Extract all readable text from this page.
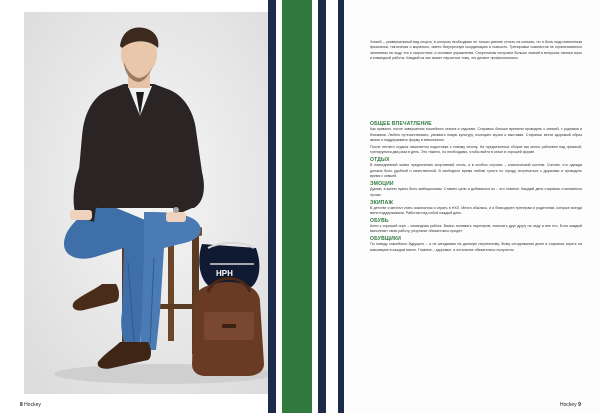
HPH
8 Hockey

Хоккей – универсальный вид спорта, в котором необходимо не только умение стоять на коньках, но и быть подготовленным физически, тактически и морально, иметь безупречную координацию и ловкость. Тренировки хоккеистов не ограничиваются занятиями на льду, это и скоростные, и силовые упражнения. Спортсмены получают больше знаний в вопросах тактики игры и командной работы. Каждый из нас может научиться тому, что делают профессионалы.

ОБЩЕЕ ВПЕЧАТЛЕНИЕ

Как правило, после завершения хоккейного сезона я отдыхаю. Стараюсь больше времени проводить с семьей, с родными и близкими. Люблю путешествовать, узнавать новую культуру, посещать музеи и выставки. Стараюсь вести здоровый образ жизни и поддерживать форму в межсезонье.

После летнего отдыха начинается подготовка к новому сезону. На предсезонных сборах мы много работаем над физикой, тренируемся два раза в день. Это тяжело, но необходимо, чтобы войти в сезон в хорошей форме.

ОТДЫХ

В повседневной жизни предпочитаю спортивный стиль, а в особых случаях – классический костюм. Считаю, что одежда должна быть удобной и качественной. В свободное время люблю гулять по городу, встречаться с друзьями и проводить время с семьей.

ЭМОЦИИ

Думаю, в жизни нужно быть амбициозным. Ставить цели и добиваться их – это главное. Каждый день стараюсь становиться лучше.

ЭКИПАЖ

В детстве я мечтал стать хоккеистом и играть в НХЛ. Мечта сбылась, и я благодарен тренерам и родителям, которые всегда меня поддерживали. Работаю над собой каждый день.

ОБУВЬ

Ключ к хорошей игре – командная работа. Важно понимать партнеров, помогать друг другу на льду и вне его. Если каждый выполняет свою работу, результат обязательно придет.

ОБУВЩИКИ

По поводу хоккейного будущего – я не загадываю на далекую перспективу. Живу сегодняшним днем и стараюсь играть на максимуме в каждом матче. Главное – здоровье, а остальное обязательно получится.

Hockey 9
